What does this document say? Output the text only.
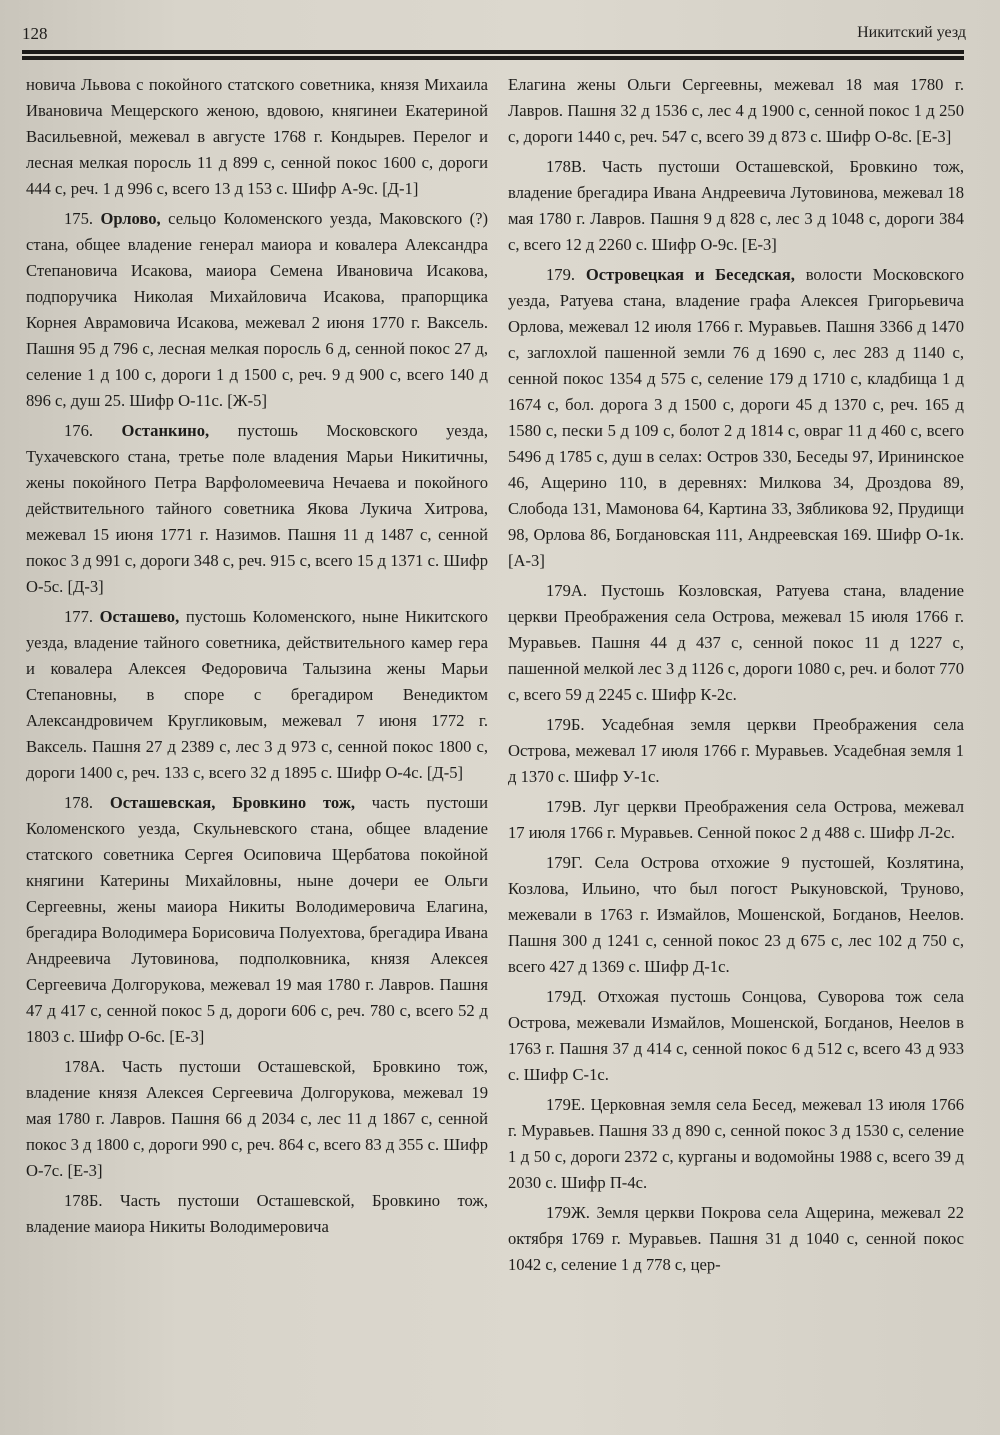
128	Никитский уезд

новича Львова с покойного статского советника, князя Михаила Ивановича Мещерского женою, вдовою, княгинеи Екатериной Васильевной, межевал в августе 1768 г. Кондырев. Перелог и лесная мелкая поросль 11 д 899 с, сенной покос 1600 с, дороги 444 с, реч. 1 д 996 с, всего 13 д 153 с. Шифр А-9с. [Д-1]

175. Орлово, сельцо Коломенского уезда, Маковского (?) стана, общее владение генерал маиора и ковалера Александра Степановича Исакова, маиора Семена Ивановича Исакова, подпоручика Николая Михайловича Исакова, прапорщика Корнея Аврамовича Исакова, межевал 2 июня 1770 г. Ваксель. Пашня 95 д 796 с, лесная мелкая поросль 6 д, сенной покос 27 д, селение 1 д 100 с, дороги 1 д 1500 с, реч. 9 д 900 с, всего 140 д 896 с, душ 25. Шифр О-11с. [Ж-5]

176. Останкино, пустошь Московского уезда, Тухачевского стана, третье поле владения Марьи Никитичны, жены покойного Петра Варфоломеевича Нечаева и покойного действительного тайного советника Якова Лукича Хитрова, межевал 15 июня 1771 г. Назимов. Пашня 11 д 1487 с, сенной покос 3 д 991 с, дороги 348 с, реч. 915 с, всего 15 д 1371 с. Шифр О-5с. [Д-3]

177. Осташево, пустошь Коломенского, ныне Никитского уезда, владение тайного советника, действительного камер гера и ковалера Алексея Федоровича Талызина жены Марьи Степановны, в споре с брегадиром Венедиктом Александровичем Кругликовым, межевал 7 июня 1772 г. Ваксель. Пашня 27 д 2389 с, лес 3 д 973 с, сенной покос 1800 с, дороги 1400 с, реч. 133 с, всего 32 д 1895 с. Шифр О-4с. [Д-5]

178. Осташевская, Бровкино тож, часть пустоши Коломенского уезда, Скульневского стана, общее владение статского советника Сергея Осиповича Щербатова покойной княгини Катерины Михайловны, ныне дочери ее Ольги Сергеевны, жены маиора Никиты Володимеровича Елагина, брегадира Володимера Борисовича Полуехтова, брегадира Ивана Андреевича Лутовинова, подполковника, князя Алексея Сергеевича Долгорукова, межевал 19 мая 1780 г. Лавров. Пашня 47 д 417 с, сенной покос 5 д, дороги 606 с, реч. 780 с, всего 52 д 1803 с. Шифр О-6с. [Е-3]

178А. Часть пустоши Осташевской, Бровкино тож, владение князя Алексея Сергеевича Долгорукова, межевал 19 мая 1780 г. Лавров. Пашня 66 д 2034 с, лес 11 д 1867 с, сенной покос 3 д 1800 с, дороги 990 с, реч. 864 с, всего 83 д 355 с. Шифр О-7с. [Е-3]

178Б. Часть пустоши Осташевской, Бровкино тож, владение маиора Никиты Володимеровича

Елагина жены Ольги Сергеевны, межевал 18 мая 1780 г. Лавров. Пашня 32 д 1536 с, лес 4 д 1900 с, сенной покос 1 д 250 с, дороги 1440 с, реч. 547 с, всего 39 д 873 с. Шифр О-8с. [Е-3]

178В. Часть пустоши Осташевской, Бровкино тож, владение брегадира Ивана Андреевича Лутовинова, межевал 18 мая 1780 г. Лавров. Пашня 9 д 828 с, лес 3 д 1048 с, дороги 384 с, всего 12 д 2260 с. Шифр О-9с. [Е-3]

179. Островецкая и Беседская, волости Московского уезда, Ратуева стана, владение графа Алексея Григорьевича Орлова, межевал 12 июля 1766 г. Муравьев. Пашня 3366 д 1470 с, заглохлой пашенной земли 76 д 1690 с, лес 283 д 1140 с, сенной покос 1354 д 575 с, селение 179 д 1710 с, кладбища 1 д 1674 с, бол. дорога 3 д 1500 с, дороги 45 д 1370 с, реч. 165 д 1580 с, пески 5 д 109 с, болот 2 д 1814 с, овраг 11 д 460 с, всего 5496 д 1785 с, душ в селах: Остров 330, Беседы 97, Ирининское 46, Ащерино 110, в деревнях: Милкова 34, Дроздова 89, Слобода 131, Мамонова 64, Картина 33, Зябликова 92, Прудищи 98, Орлова 86, Богдановская 111, Андреевская 169. Шифр О-1к. [А-3]

179А. Пустошь Козловская, Ратуева стана, владение церкви Преображения села Острова, межевал 15 июля 1766 г. Муравьев. Пашня 44 д 437 с, сенной покос 11 д 1227 с, пашенной мелкой лес 3 д 1126 с, дороги 1080 с, реч. и болот 770 с, всего 59 д 2245 с. Шифр К-2с.

179Б. Усадебная земля церкви Преображения села Острова, межевал 17 июля 1766 г. Муравьев. Усадебная земля 1 д 1370 с. Шифр У-1с.

179В. Луг церкви Преображения села Острова, межевал 17 июля 1766 г. Муравьев. Сенной покос 2 д 488 с. Шифр Л-2с.

179Г. Села Острова отхожие 9 пустошей, Козлятина, Козлова, Ильино, что был погост Рыкуновской, Труново, межевали в 1763 г. Измайлов, Мошенской, Богданов, Неелов. Пашня 300 д 1241 с, сенной покос 23 д 675 с, лес 102 д 750 с, всего 427 д 1369 с. Шифр Д-1с.

179Д. Отхожая пустошь Сонцова, Суворова тож села Острова, межевали Измайлов, Мошенской, Богданов, Неелов в 1763 г. Пашня 37 д 414 с, сенной покос 6 д 512 с, всего 43 д 933 с. Шифр С-1с.

179Е. Церковная земля села Бесед, межевал 13 июля 1766 г. Муравьев. Пашня 33 д 890 с, сенной покос 3 д 1530 с, селение 1 д 50 с, дороги 2372 с, курганы и водомойны 1988 с, всего 39 д 2030 с. Шифр П-4с.

179Ж. Земля церкви Покрова села Ащерина, межевал 22 октября 1769 г. Муравьев. Пашня 31 д 1040 с, сенной покос 1042 с, селение 1 д 778 с, цер-
